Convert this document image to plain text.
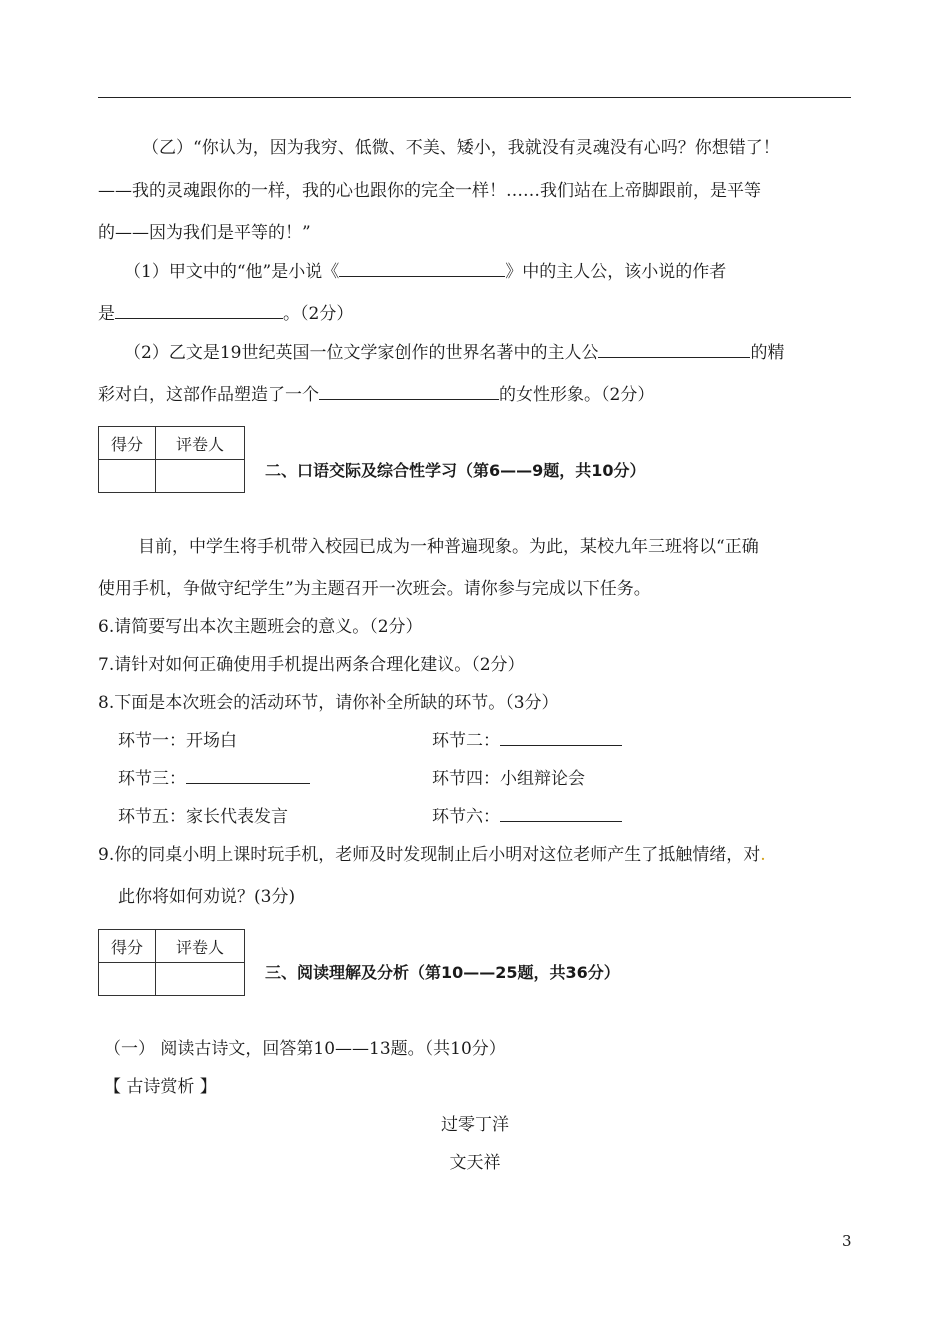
（乙）“你认为，因为我穷、低微、不美、矮小，我就没有灵魂没有心吗？你想错了！
——我的灵魂跟你的一样，我的心也跟你的完全一样！……我们站在上帝脚跟前，是平等
的——因为我们是平等的！”
（1）甲文中的“他”是小说《	》中的主人公，该小说的作者
是	。（2分）
（2）乙文是19世纪英国一位文学家创作的世界名著中的主人公	的精
彩对白，这部作品塑造了一个	的女性形象。（2分）
得分	评卷人

二、口语交际及综合性学习（第6——9题，共10分）
目前，中学生将手机带入校园已成为一种普遍现象。为此，某校九年三班将以“正确
使用手机，争做守纪学生”为主题召开一次班会。请你参与完成以下任务。
6.请简要写出本次主题班会的意义。（2分）
7.请针对如何正确使用手机提出两条合理化建议。（2分）
8.下面是本次班会的活动环节，请你补全所缺的环节。（3分）
环节一：开场白	环节二：
环节三：	环节四：小组辩论会
环节五：家长代表发言	环节六：
9.你的同桌小明上课时玩手机，老师及时发现制止后小明对这位老师产生了抵触情绪，对.
此你将如何劝说？(3分)
得分	评卷人

三、阅读理解及分析（第10——25题，共36分）
（一） 阅读古诗文，回答第10——13题。（共10分）
【 古诗赏析 】
过零丁洋
文天祥
3
